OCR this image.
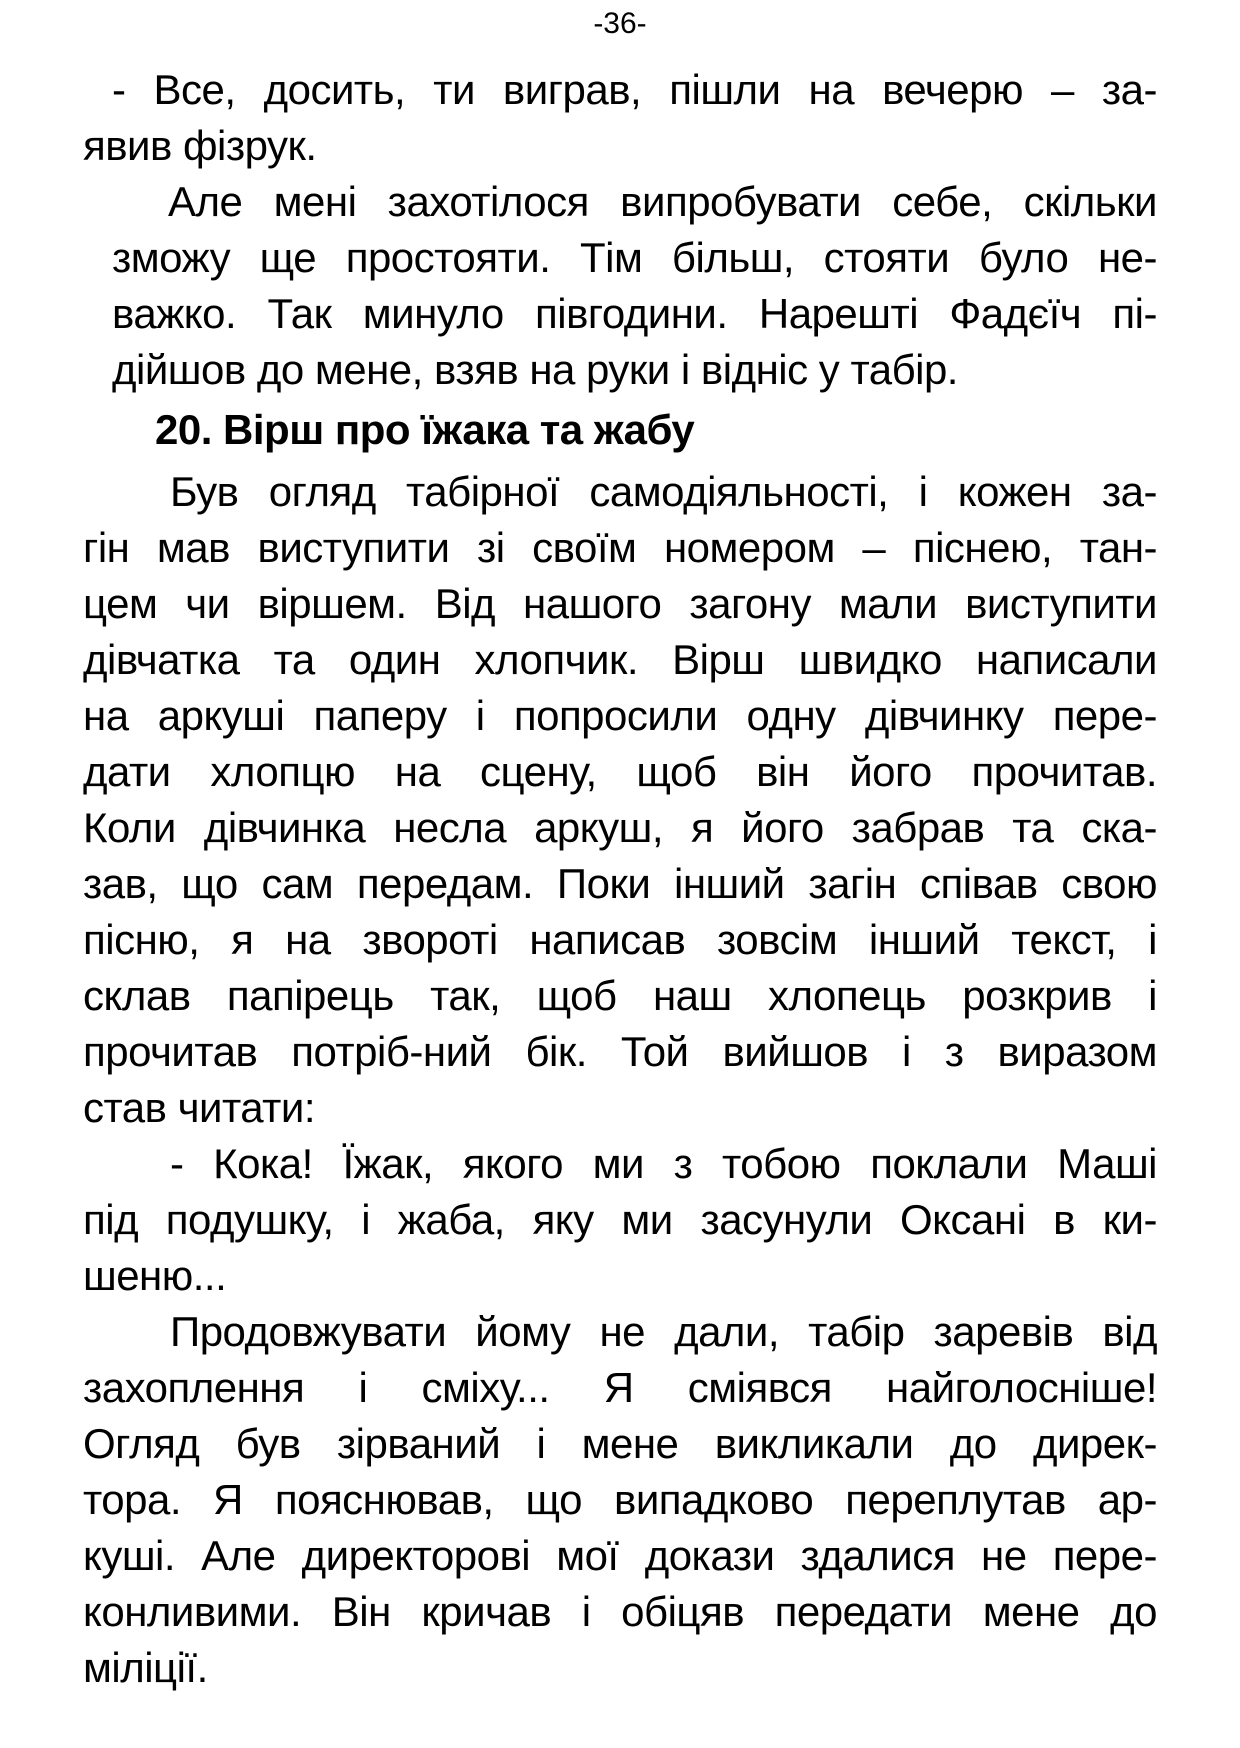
-36-
- Все, досить, ти виграв, пішли на вечерю – за-
явив фізрук.
Але мені захотілося випробувати себе, скільки
зможу ще простояти. Тім більш, стояти було не-
важко. Так минуло півгодини. Нарешті Фадєїч пі-
дійшов до мене, взяв на руки і відніс у табір.
20. Вірш про їжака та жабу
Був огляд табірної самодіяльності, і кожен за-
гін мав виступити зі своїм номером – піснею, тан-
цем чи віршем. Від нашого загону мали виступити
дівчатка та один хлопчик. Вірш швидко написали
на аркуші паперу і попросили одну дівчинку пере-
дати хлопцю на сцену, щоб він його прочитав.
Коли дівчинка несла аркуш, я його забрав та ска-
зав, що сам передам. Поки інший загін співав свою
пісню, я на звороті написав зовсім інший текст, і
склав папірець так, щоб наш хлопець розкрив і
прочитав потріб-ний бік. Той вийшов і з виразом
став читати:
- Кока! Їжак, якого ми з тобою поклали Маші
під подушку, і жаба, яку ми засунули Оксані в ки-
шеню...
Продовжувати йому не дали, табір заревів від
захоплення і сміху... Я сміявся найголосніше!
Огляд був зірваний і мене викликали до дирек-
тора. Я пояснював, що випадково переплутав ар-
куші. Але директорові мої докази здалися не пере-
конливими. Він кричав і обіцяв передати мене до
міліції.
